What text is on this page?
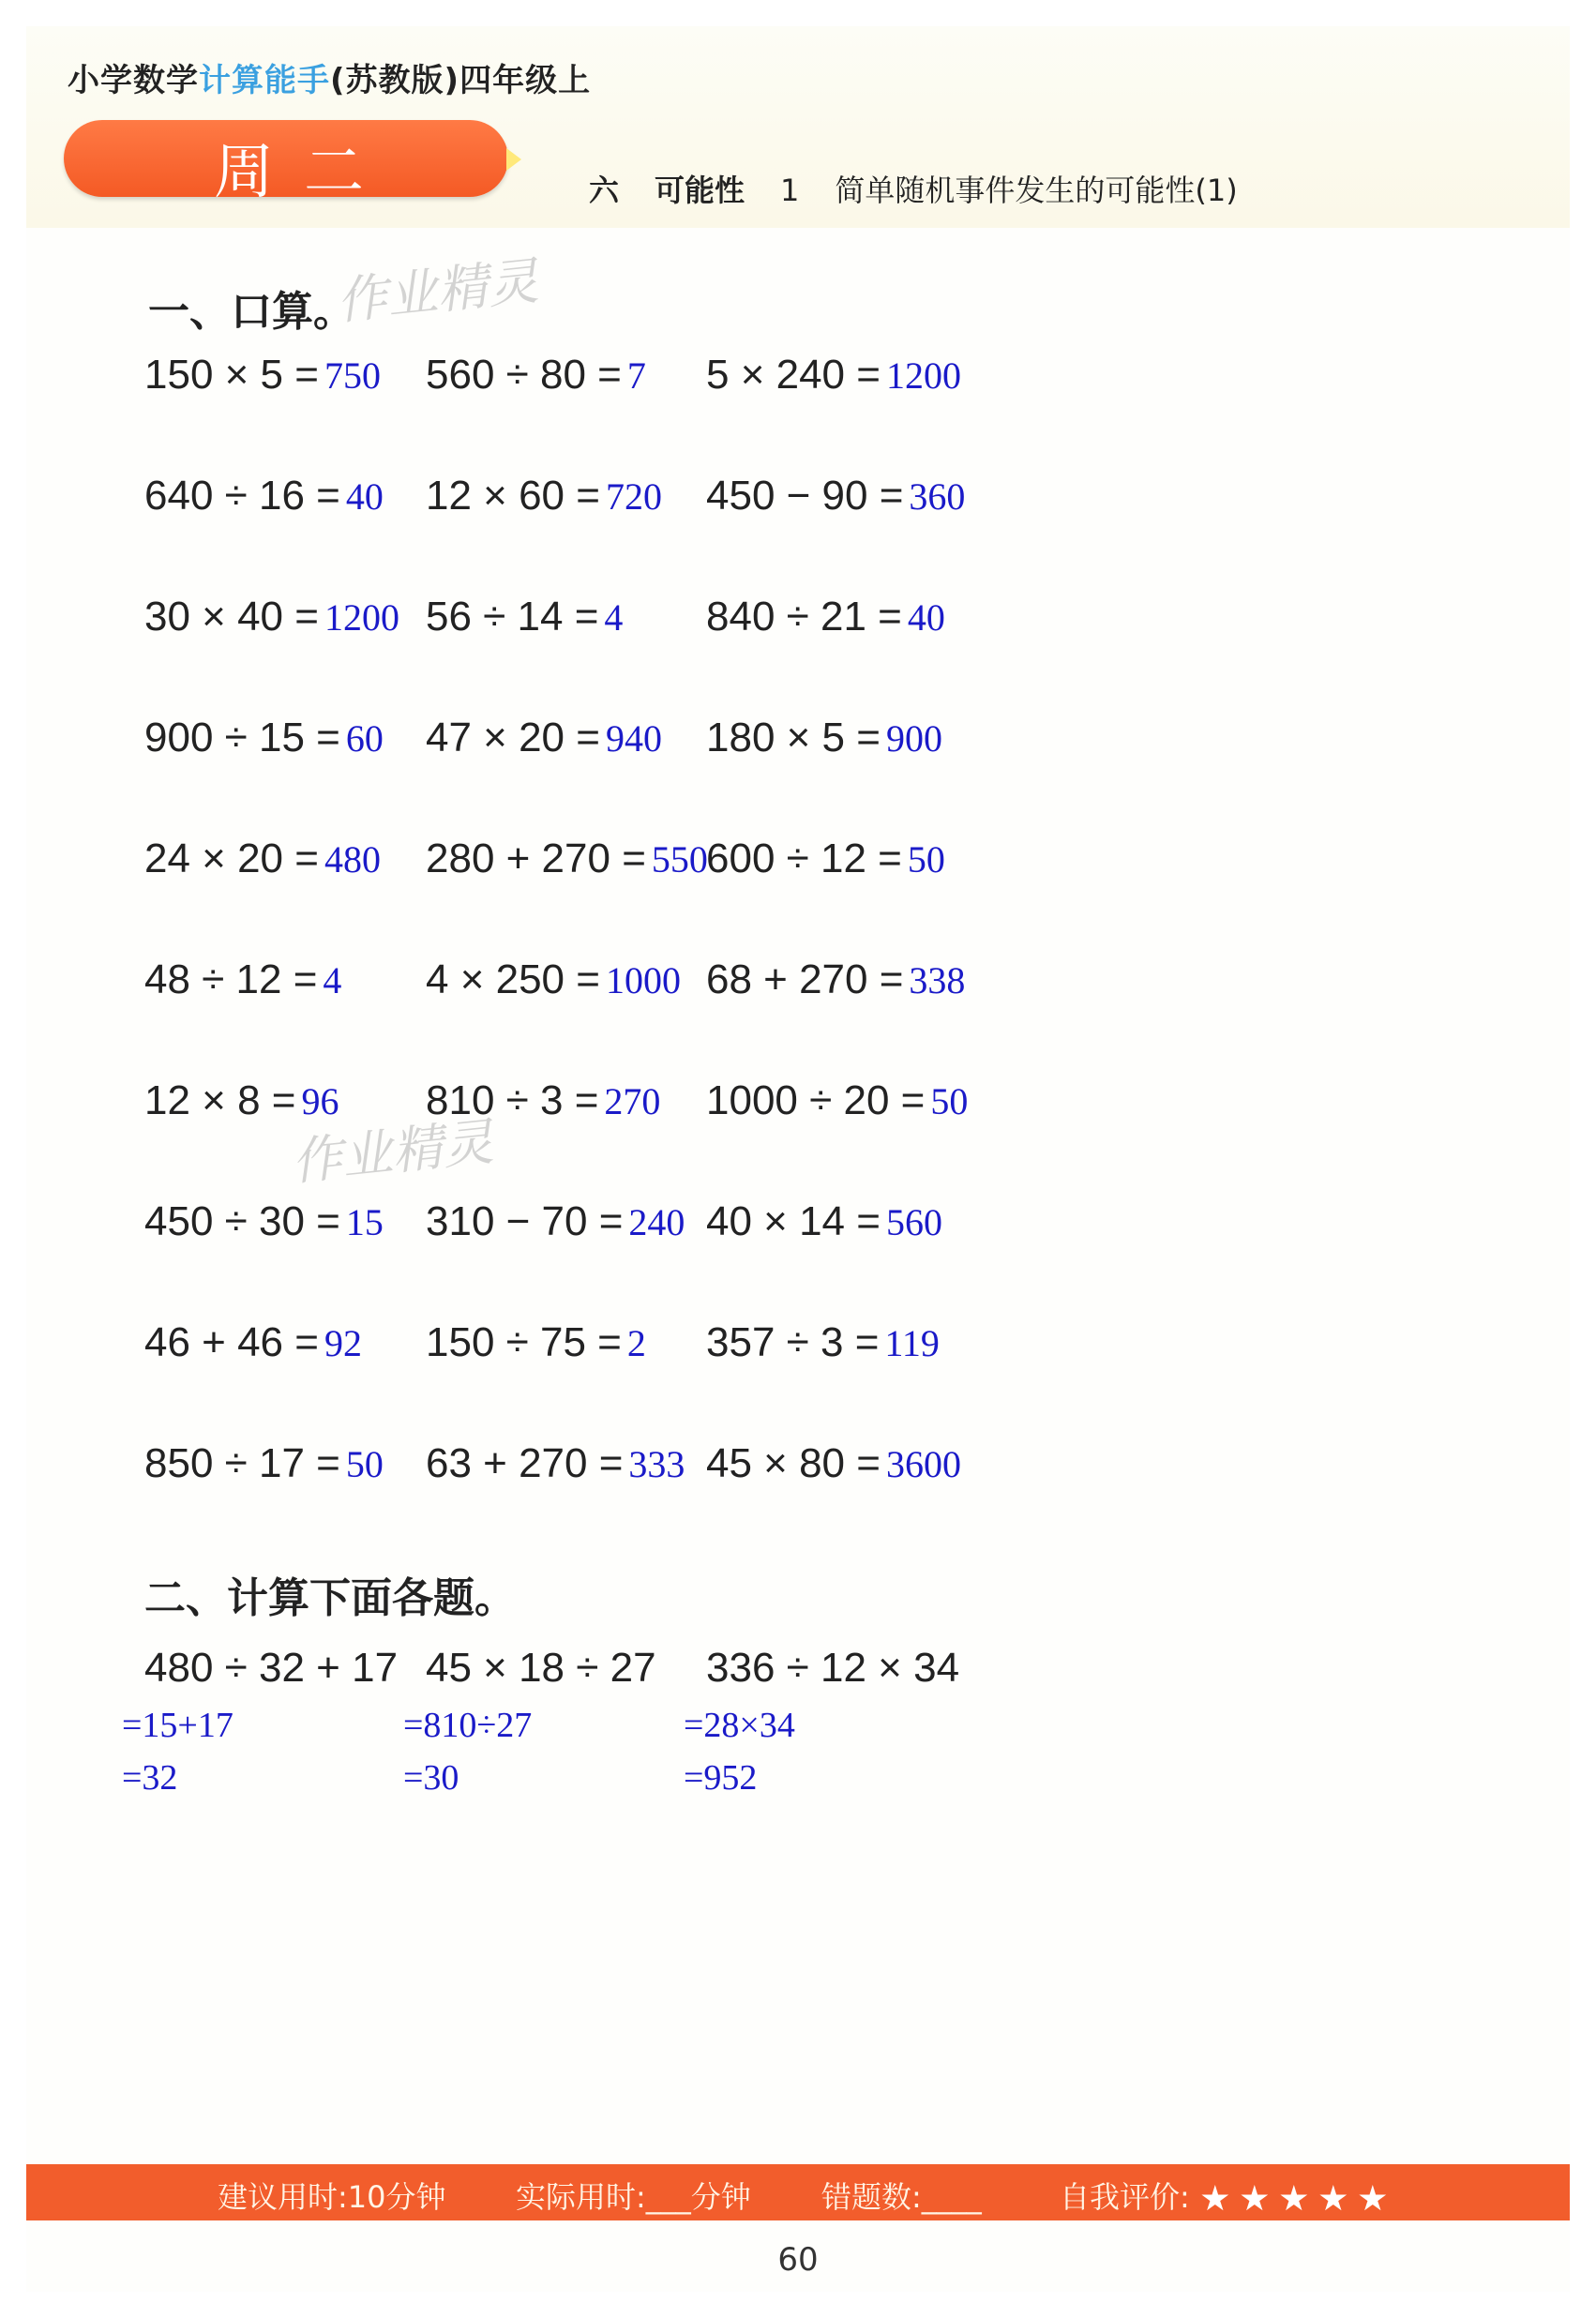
小学数学计算能手(苏教版)四年级上
周二	六 可能性 1 简单随机事件发生的可能性(1)
一、口算。
作业精灵
作业精灵
150 × 5 = 750 560 ÷ 80 = 7 5 × 240 = 1200
640 ÷ 16 = 40 12 × 60 = 720 450 − 90 = 360
30 × 40 = 1200 56 ÷ 14 = 4 840 ÷ 21 = 40
900 ÷ 15 = 60 47 × 20 = 940 180 × 5 = 900
24 × 20 = 480 280 + 270 = 550
600 ÷ 12 = 50
48 ÷ 12 = 4 4 × 250 = 1000 68 + 270 = 338
12 × 8 = 96 810 ÷ 3 = 270 1000 ÷ 20 = 50
450 ÷ 30 = 15 310 − 70 = 240 40 × 14 = 560
46 + 46 = 92 150 ÷ 75 = 2 357 ÷ 3 = 119
850 ÷ 17 = 50 63 + 270 = 333 45 × 80 = 3600
二、计算下面各题。
480 ÷ 32 + 17
=15+17
=32
45 × 18 ÷ 27
=810÷27
=30
336 ÷ 12 × 34
=28×34
=952
建议用时:10分钟 实际用时:___分钟 错题数:____	自我评价:
60
